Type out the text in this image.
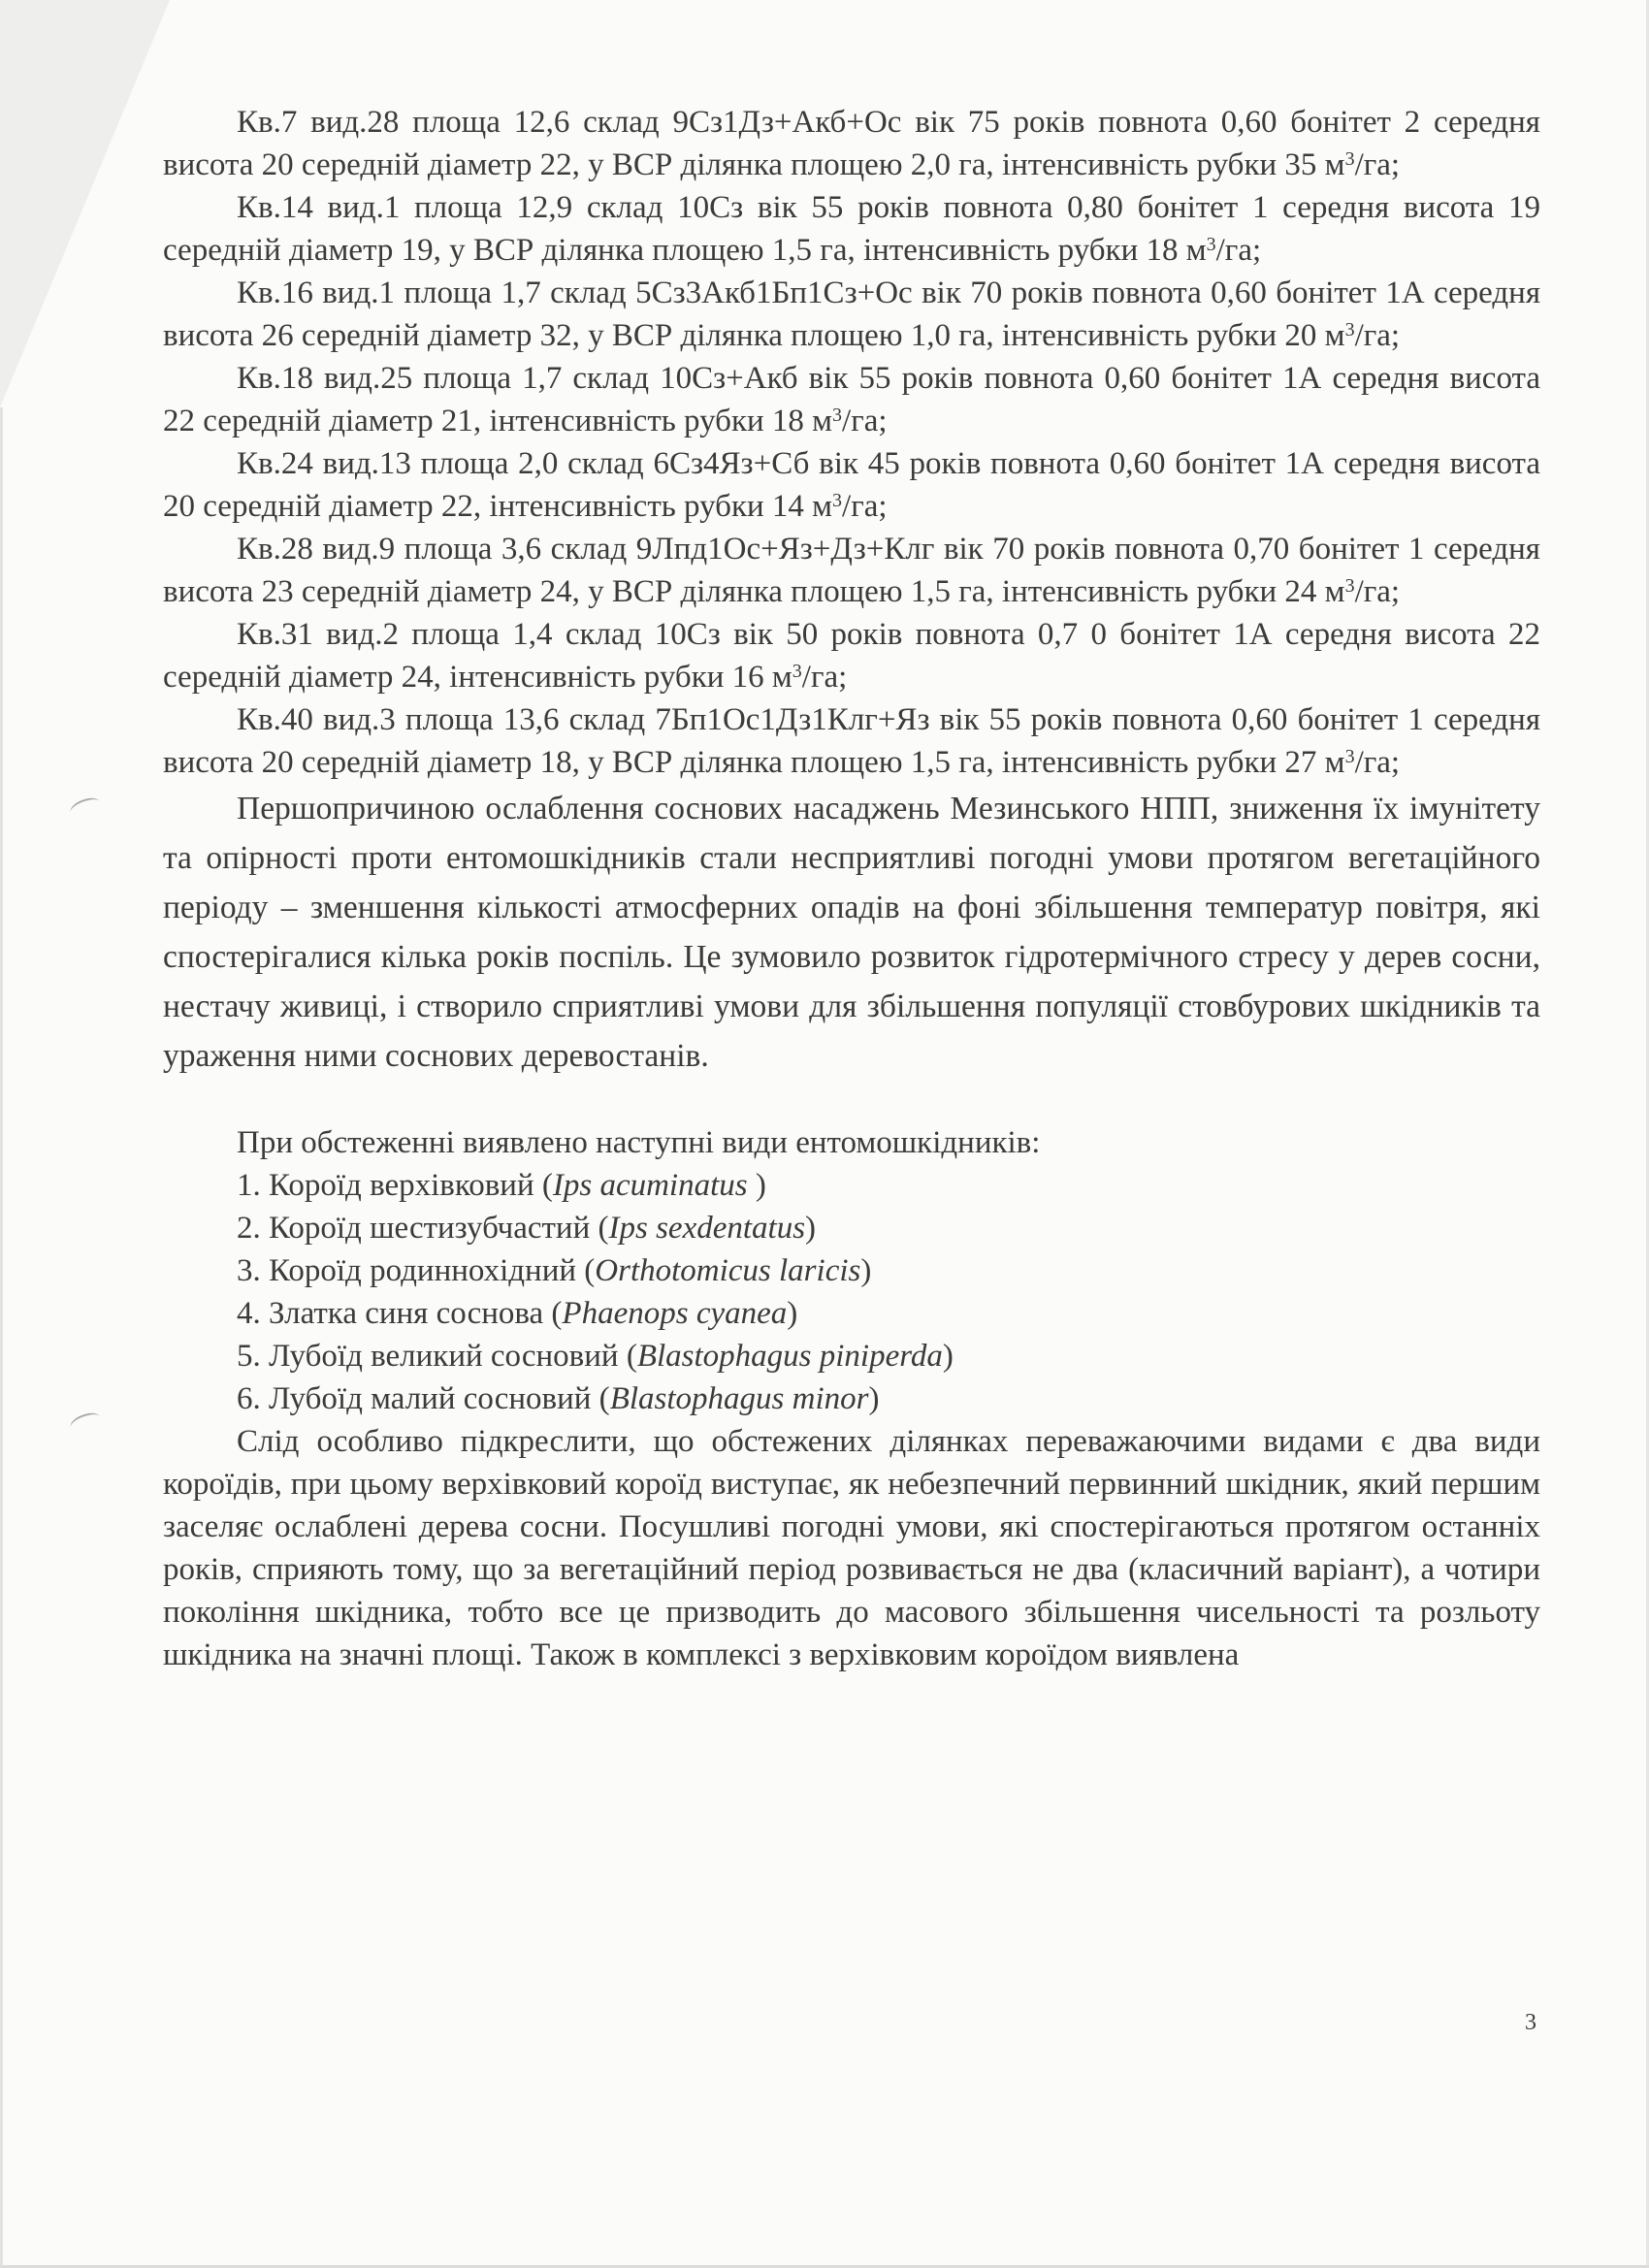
Кв.7 вид.28 площа 12,6 склад 9Сз1Дз+Акб+Ос вік 75 років повнота 0,60 бонітет 2 середня висота 20 середній діаметр 22, у ВСР ділянка площею 2,0 га, інтенсивність рубки 35 $м^3/га$;

Кв.14 вид.1 площа 12,9 склад 10Сз вік 55 років повнота 0,80 бонітет 1 середня висота 19 середній діаметр 19, у ВСР ділянка площею 1,5 га, інтенсивність рубки 18 $м^3/га$;

Кв.16 вид.1 площа 1,7 склад 5Сз3Акб1Бп1Сз+Ос вік 70 років повнота 0,60 бонітет 1А середня висота 26 середній діаметр 32, у ВСР ділянка площею 1,0 га, інтенсивність рубки 20 $м^3/га$;

Кв.18 вид.25 площа 1,7 склад 10Сз+Акб вік 55 років повнота 0,60 бонітет 1А середня висота 22 середній діаметр 21, інтенсивність рубки 18 $м^3/га$;

Кв.24 вид.13 площа 2,0 склад 6Сз4Яз+Сб вік 45 років повнота 0,60 бонітет 1А середня висота 20 середній діаметр 22, інтенсивність рубки 14 $м^3/га$;

Кв.28 вид.9 площа 3,6 склад 9Лпд1Ос+Яз+Дз+Клг вік 70 років повнота 0,70 бонітет 1 середня висота 23 середній діаметр 24, у ВСР ділянка площею 1,5 га, інтенсивність рубки 24 $м^3/га$;

Кв.31 вид.2 площа 1,4 склад 10Сз вік 50 років повнота 0,7 0 бонітет 1А середня висота 22 середній діаметр 24, інтенсивність рубки 16 $м^3/га$;

Кв.40 вид.3 площа 13,6 склад 7Бп1Ос1Дз1Клг+Яз вік 55 років повнота 0,60 бонітет 1 середня висота 20 середній діаметр 18, у ВСР ділянка площею 1,5 га, інтенсивність рубки 27 $м^3/га$;

Першопричиною ослаблення соснових насаджень Мезинського НПП, зниження їх імунітету та опірності проти ентомошкідників стали несприятливі погодні умови протягом вегетаційного періоду – зменшення кількості атмосферних опадів на фоні збільшення температур повітря, які спостерігалися кілька років поспіль. Це зумовило розвиток гідротермічного стресу у дерев сосни, нестачу живиці, і створило сприятливі умови для збільшення популяції стовбурових шкідників та ураження ними соснових деревостанів.

При обстеженні виявлено наступні види ентомошкідників:

1. Короїд верхівковий (Ips acuminatus )

2. Короїд шестизубчастий (Ips sexdentatus)

3. Короїд родиннохідний (Orthotomicus laricis)

4. Златка синя соснова (Phaenops cyanea)

5. Лубоїд великий сосновий (Blastophagus piniperda)

6. Лубоїд малий сосновий (Blastophagus minor)

Слід особливо підкреслити, що обстежених ділянках переважаючими видами є два види короїдів, при цьому верхівковий короїд виступає, як небезпечний первинний шкідник, який першим заселяє ослаблені дерева сосни. Посушливі погодні умови, які спостерігаються протягом останніх років, сприяють тому, що за вегетаційний період розвивається не два (класичний варіант), а чотири покоління шкідника, тобто все це призводить до масового збільшення чисельності та розльоту шкідника на значні площі. Також в комплексі з верхівковим короїдом виявлена

3
